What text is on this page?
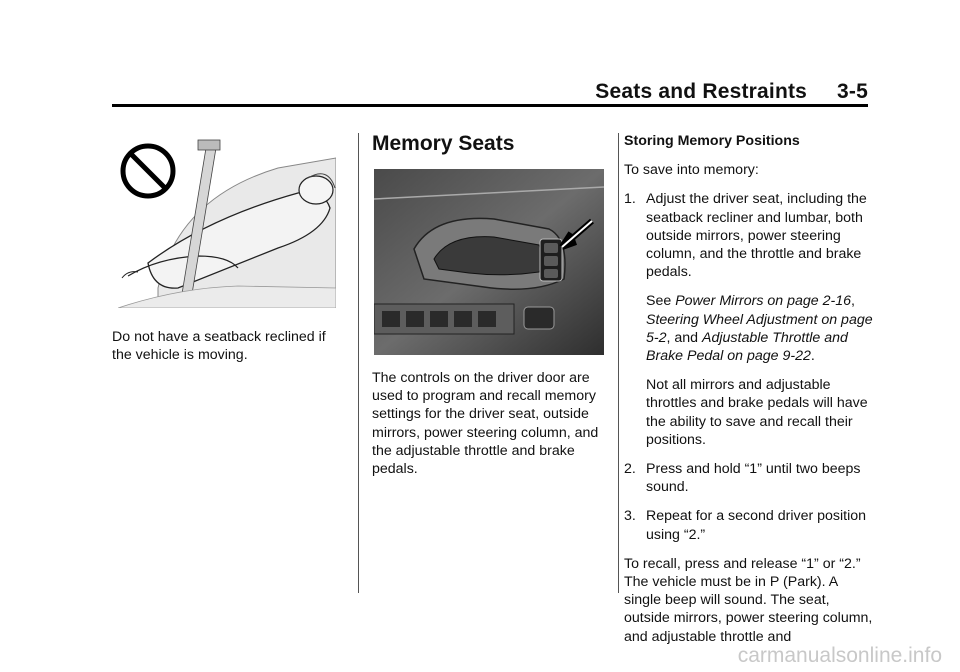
Seats and Restraints 3-5
Do not have a seatback reclined if the vehicle is moving.

Memory Seats

The controls on the driver door are used to program and recall memory settings for the driver seat, outside mirrors, power steering column, and the adjustable throttle and brake pedals.

Storing Memory Positions

To save into memory:

1. Adjust the driver seat, including the seatback recliner and lumbar, both outside mirrors, power steering column, and the throttle and brake pedals.

See Power Mirrors on page 2-16, Steering Wheel Adjustment on page 5-2, and Adjustable Throttle and Brake Pedal on page 9-22.

Not all mirrors and adjustable throttles and brake pedals will have the ability to save and recall their positions.

2. Press and hold “1” until two beeps sound.
3. Repeat for a second driver position using “2.”

To recall, press and release “1” or “2.” The vehicle must be in P (Park). A single beep will sound. The seat, outside mirrors, power steering column, and adjustable throttle and

carmanualsonline.info
